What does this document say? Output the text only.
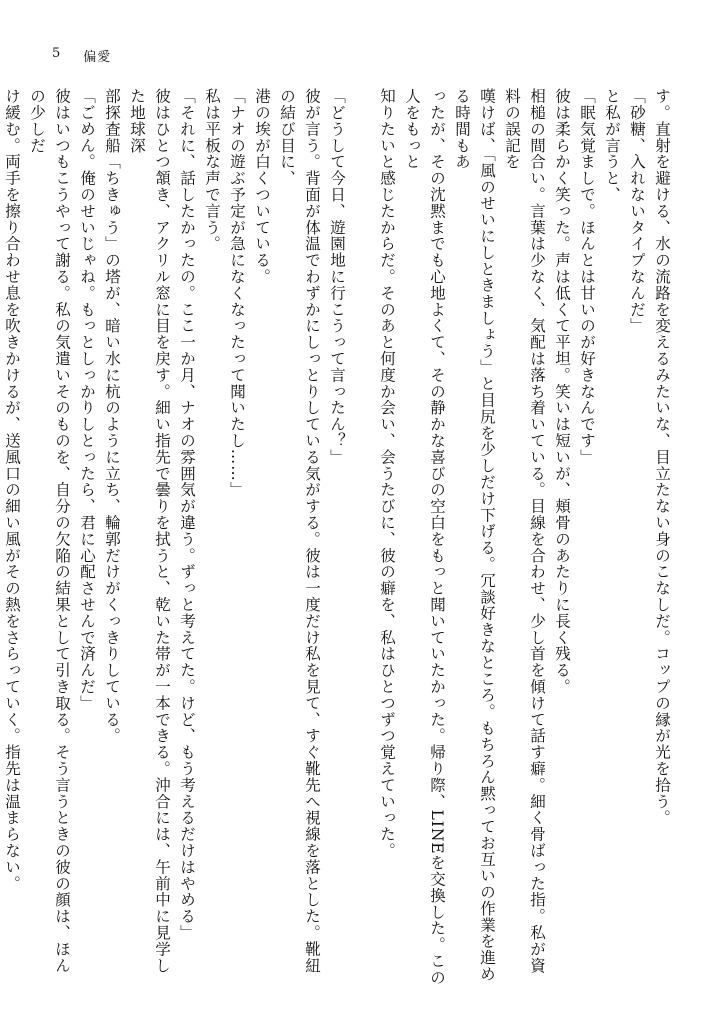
5 偏愛

す。直射を避ける、水の流路を変えるみたいな、目立たない身のこなしだ。コップの縁が光を拾う。

「砂糖、入れないタイプなんだ」

と私が言うと、

「眠気覚ましで。ほんとは甘いのが好きなんです」

彼は柔らかく笑った。声は低くて平坦。笑いは短いが、頬骨のあたりに長く残る。

相槌の間合い。言葉は少なく、気配は落ち着いている。目線を合わせ、少し首を傾けて話す癖。細く骨ばった指。私が資料の誤記を

嘆けば、「風のせいにしときましょう」と目尻を少しだけ下げる。冗談好きなところ。もちろん黙ってお互いの作業を進める時間もあ

ったが、その沈黙までも心地よくて、その静かな喜びの空白をもっと聞いていたかった。帰り際、LINEを交換した。この人をもっと

知りたいと感じたからだ。そのあと何度か会い、会うたびに、彼の癖を、私はひとつずつ覚えていった。

「どうして今日、遊園地に行こうって言ったん？」

彼が言う。背面が体温でわずかにしっとりしている気がする。彼は一度だけ私を見て、すぐ靴先へ視線を落とした。靴紐の結び目に、

港の埃が白くついている。

「ナオの遊ぶ予定が急になくなったって聞いたし……」

私は平板な声で言う。

「それに、話したかったの。ここ一か月、ナオの雰囲気が違う。ずっと考えてた。けど、もう考えるだけはやめる」

彼はひとつ頷き、アクリル窓に目を戻す。細い指先で曇りを拭うと、乾いた帯が一本できる。沖合には、午前中に見学した地球深

部探査船「ちきゅう」の塔が、暗い水に杭のように立ち、輪郭だけがくっきりしている。

「ごめん。俺のせいじゃね。もっとしっかりしとったら、君に心配させんで済んだ」

彼はいつもこうやって謝る。私の気遣いそのものを、自分の欠陥の結果として引き取る。そう言うときの彼の顔は、ほんの少しだ

け緩む。両手を擦り合わせ息を吹きかけるが、送風口の細い風がその熱をさらっていく。指先は温まらない。
